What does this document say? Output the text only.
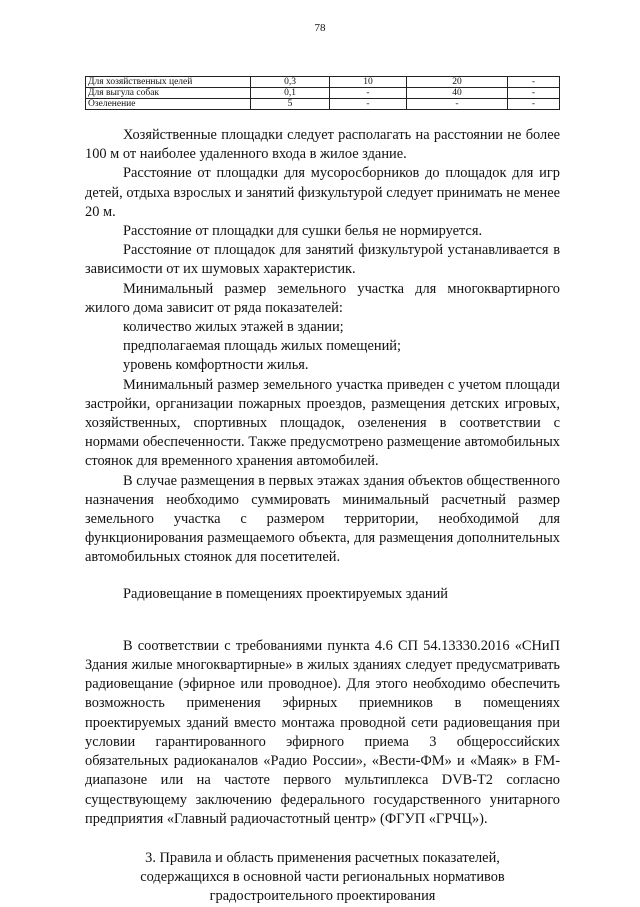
78
Для хозяйственных целей	0,3	10	20	-
Для выгула собак	0,1	-	40	-
Озеленение	5	-	-	-

Хозяйственные площадки следует располагать на расстоянии не более 100 м от наиболее удаленного входа в жилое здание.

Расстояние от площадки для мусоросборников до площадок для игр детей, отдыха взрослых и занятий физкультурой следует принимать не менее 20 м.

Расстояние от площадки для сушки белья не нормируется.

Расстояние от площадок для занятий физкультурой устанавливается в зависимости от их шумовых характеристик.

Минимальный размер земельного участка для многоквартирного жилого дома зависит от ряда показателей:

количество жилых этажей в здании;

предполагаемая площадь жилых помещений;

уровень комфортности жилья.

Минимальный размер земельного участка приведен с учетом площади застройки, организации пожарных проездов, размещения детских игровых, хозяйственных, спортивных площадок, озеленения в соответствии с нормами обеспеченности. Также предусмотрено размещение автомобильных стоянок для временного хранения автомобилей.

В случае размещения в первых этажах здания объектов общественного назначения необходимо суммировать минимальный расчетный размер земельного участка с размером территории, необходимой для функционирования размещаемого объекта, для размещения дополнительных автомобильных стоянок для посетителей.

Радиовещание в помещениях проектируемых зданий

В соответствии с требованиями пункта 4.6 СП 54.13330.2016 «СНиП Здания жилые многоквартирные» в жилых зданиях следует предусматривать радиовещание (эфирное или проводное). Для этого необходимо обеспечить возможность применения эфирных приемников в помещениях проектируемых зданий вместо монтажа проводной сети радиовещания при условии гарантированного эфирного приема 3 общероссийских обязательных радиоканалов «Радио России», «Вести-ФМ» и «Маяк» в FM-диапазоне или на частоте первого мультиплекса DVB-T2 согласно существующему заключению федерального государственного унитарного предприятия «Главный радиочастотный центр» (ФГУП «ГРЧЦ»).

3. Правила и область применения расчетных показателей,
содержащихся в основной части региональных нормативов
градостроительного проектирования
